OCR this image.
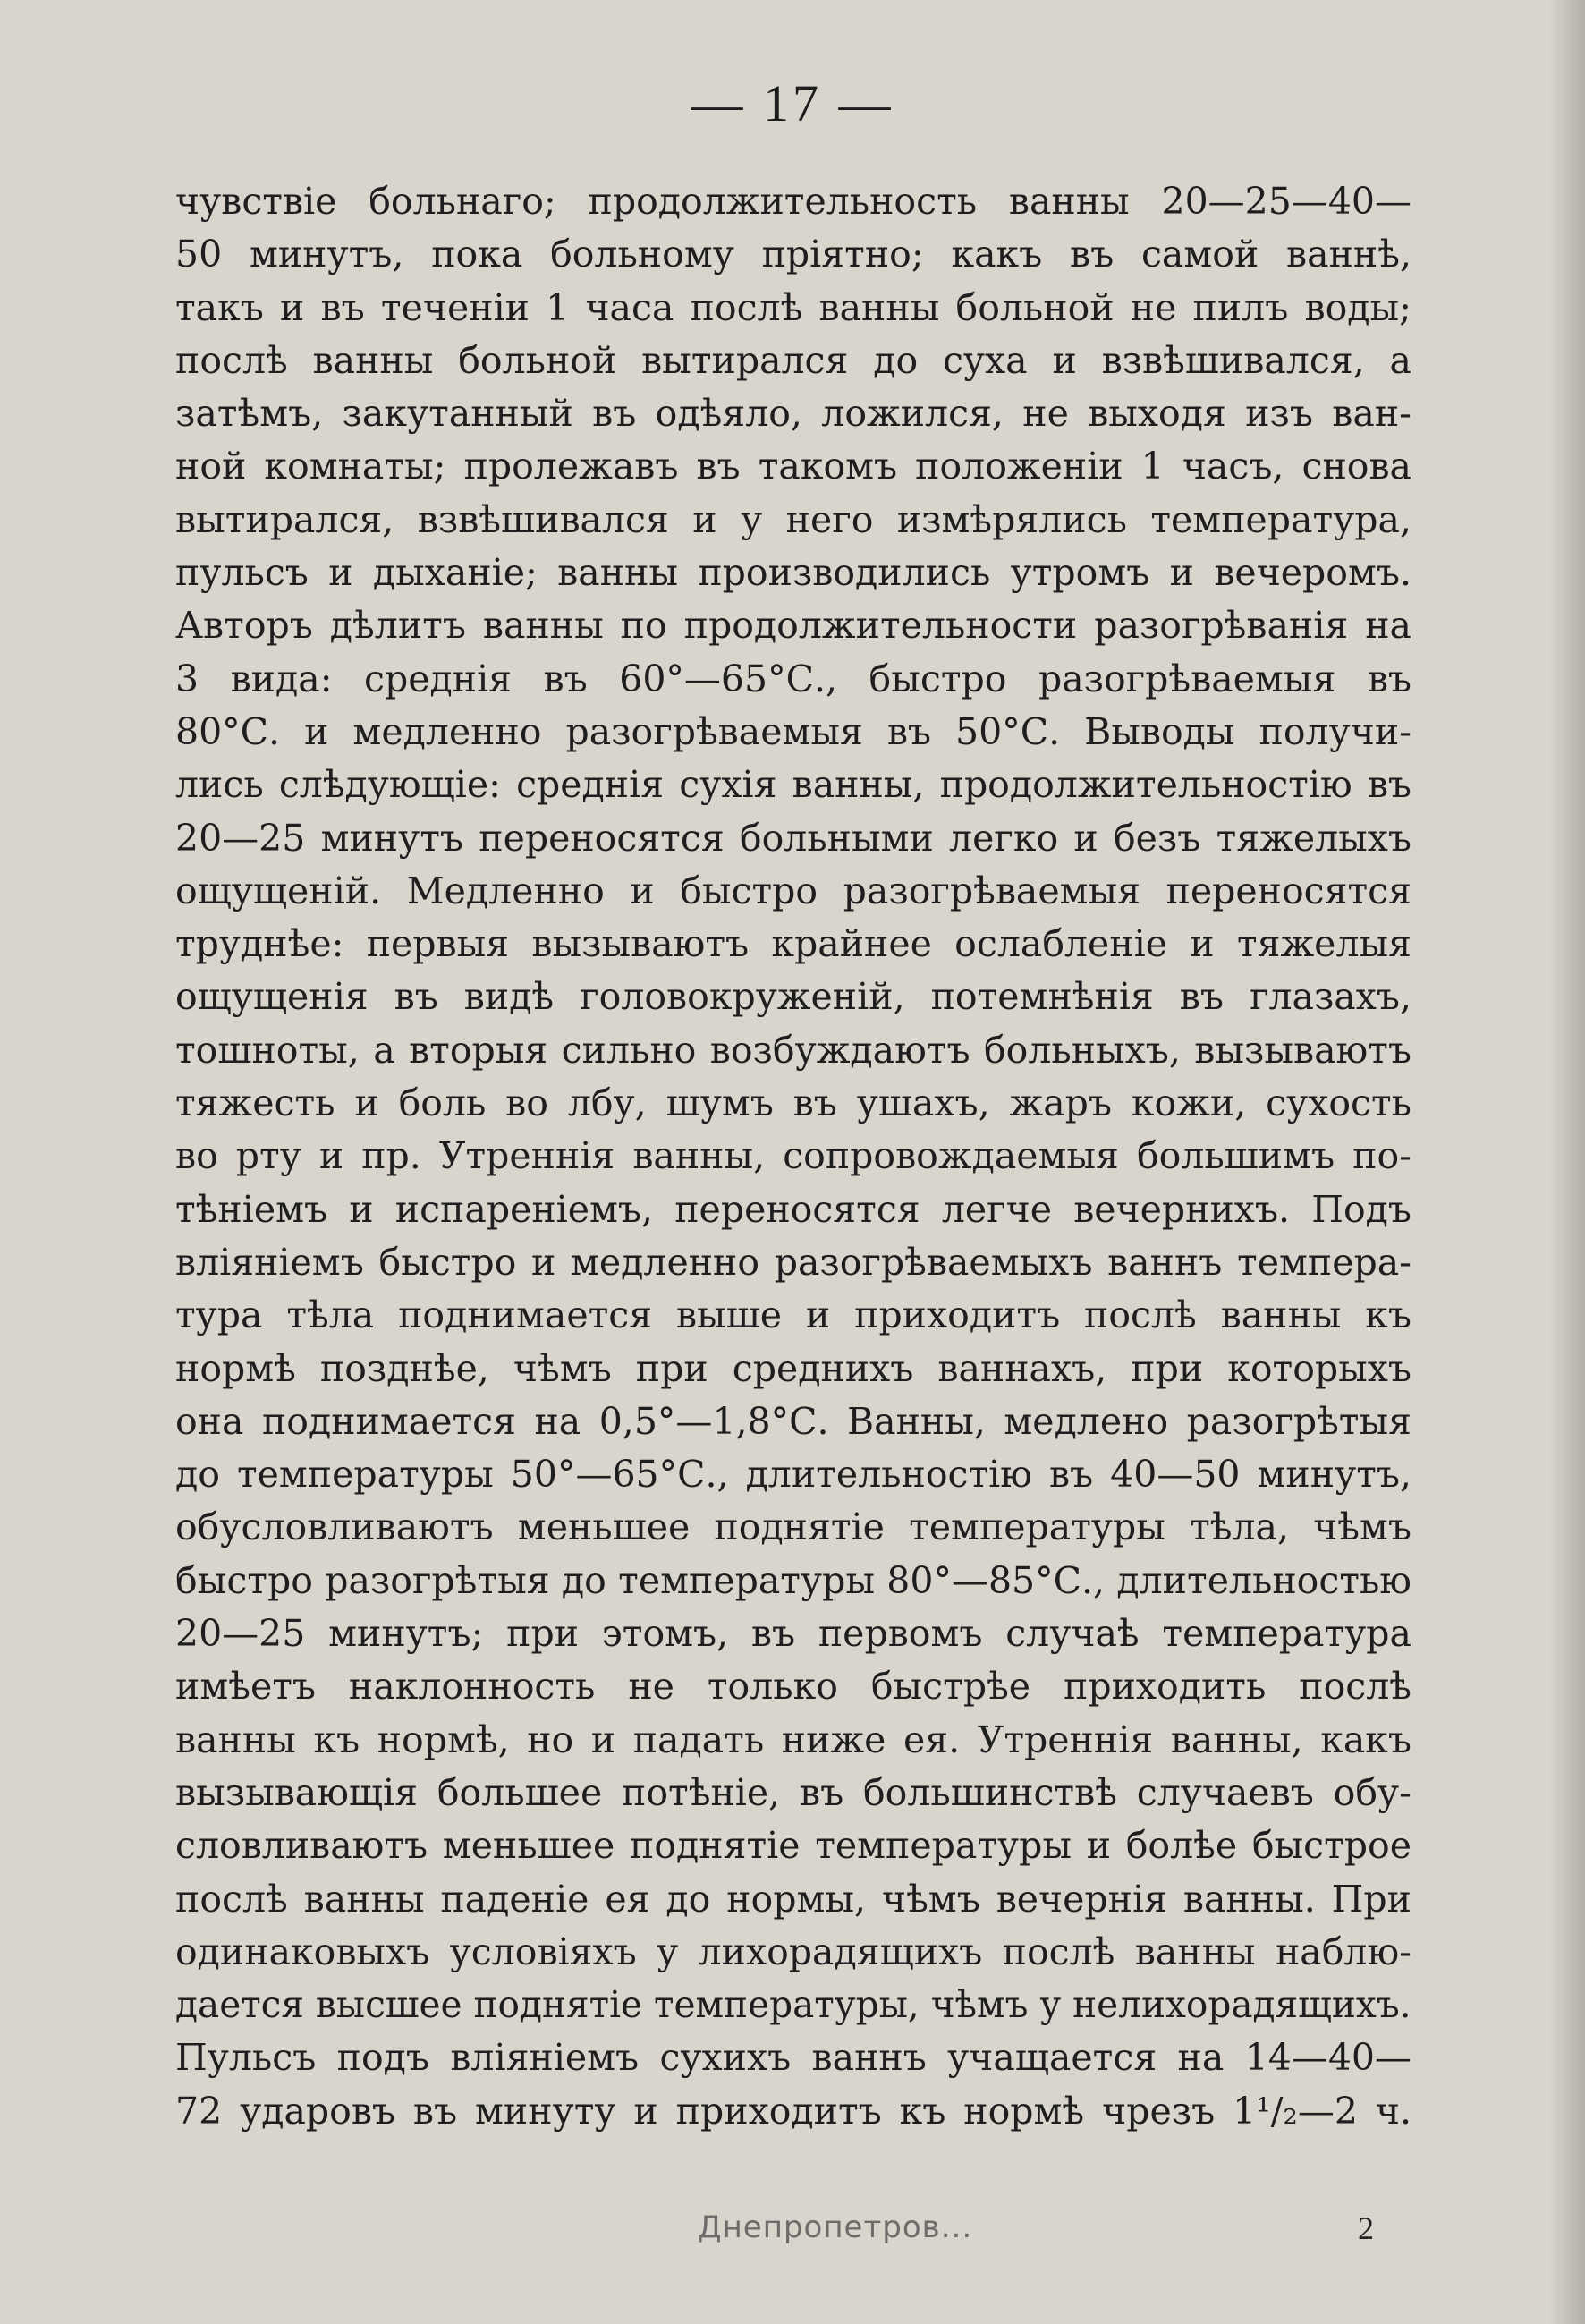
— 17 —
чувствіе больнаго; продолжительность ванны 20—25—40—
50 минутъ, пока больному пріятно; какъ въ самой ваннѣ,
такъ и въ теченіи 1 часа послѣ ванны больной не пилъ воды;
послѣ ванны больной вытирался до суха и взвѣшивался, а
затѣмъ, закутанный въ одѣяло, ложился, не выходя изъ ван-
ной комнаты; пролежавъ въ такомъ положеніи 1 часъ, снова
вытирался, взвѣшивался и у него измѣрялись температура,
пульсъ и дыханіе; ванны производились утромъ и вечеромъ.
Авторъ дѣлитъ ванны по продолжительности разогрѣванія на
3 вида: среднія въ 60°—65°С., быстро разогрѣваемыя въ
80°С. и медленно разогрѣваемыя въ 50°С. Выводы получи-
лись слѣдующіе: среднія сухія ванны, продолжительностію въ
20—25 минутъ переносятся больными легко и безъ тяжелыхъ
ощущеній. Медленно и быстро разогрѣваемыя переносятся
труднѣе: первыя вызываютъ крайнее ослабленіе и тяжелыя
ощущенія въ видѣ головокруженій, потемнѣнія въ глазахъ,
тошноты, а вторыя сильно возбуждаютъ больныхъ, вызываютъ
тяжесть и боль во лбу, шумъ въ ушахъ, жаръ кожи, сухость
во рту и пр. Утреннія ванны, сопровождаемыя большимъ по-
тѣніемъ и испареніемъ, переносятся легче вечернихъ. Подъ
вліяніемъ быстро и медленно разогрѣваемыхъ ваннъ темпера-
тура тѣла поднимается выше и приходитъ послѣ ванны къ
нормѣ позднѣе, чѣмъ при среднихъ ваннахъ, при которыхъ
она поднимается на 0,5°—1,8°С. Ванны, медлено разогрѣтыя
до температуры 50°—65°С., длительностію въ 40—50 минутъ,
обусловливаютъ меньшее поднятіе температуры тѣла, чѣмъ
быстро разогрѣтыя до температуры 80°—85°С., длительностью
20—25 минутъ; при этомъ, въ первомъ случаѣ температура
имѣетъ наклонность не только быстрѣе приходить послѣ
ванны къ нормѣ, но и падать ниже ея. Утреннія ванны, какъ
вызывающія большее потѣніе, въ большинствѣ случаевъ обу-
словливаютъ меньшее поднятіе температуры и болѣе быстрое
послѣ ванны паденіе ея до нормы, чѣмъ вечернія ванны. При
одинаковыхъ условіяхъ у лихорадящихъ послѣ ванны наблю-
дается высшее поднятіе температуры, чѣмъ у нелихорадящихъ.
Пульсъ подъ вліяніемъ сухихъ ваннъ учащается на 14—40—
72 ударовъ въ минуту и приходитъ къ нормѣ чрезъ 1¹/₂—2 ч.
Днепропетров...	2
